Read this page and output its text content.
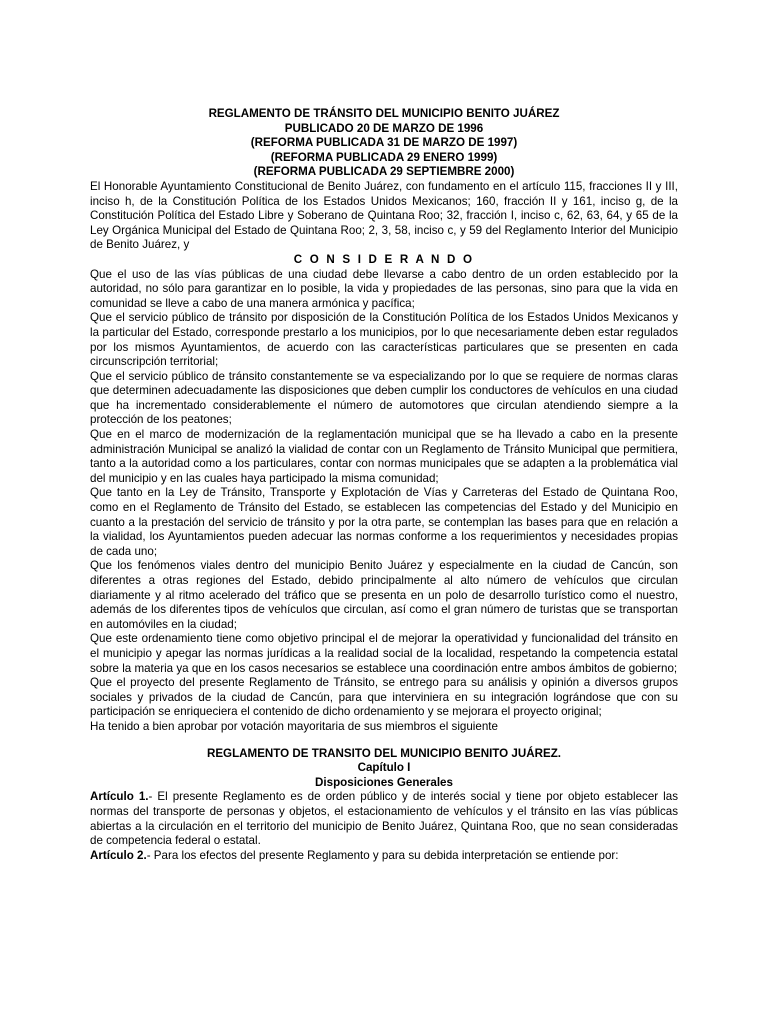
REGLAMENTO DE TRÁNSITO DEL MUNICIPIO BENITO JUÁREZ

PUBLICADO 20 DE MARZO DE 1996

(REFORMA PUBLICADA 31 DE MARZO DE 1997)

(REFORMA PUBLICADA 29 ENERO 1999)

(REFORMA PUBLICADA 29 SEPTIEMBRE 2000)

El Honorable Ayuntamiento Constitucional de Benito Juárez, con fundamento en el artículo 115, fracciones II y III, inciso h, de la Constitución Política de los Estados Unidos Mexicanos; 160, fracción II y 161, inciso g, de la Constitución Política del Estado Libre y Soberano de Quintana Roo; 32, fracción I, inciso c, 62, 63, 64, y 65 de la Ley Orgánica Municipal del Estado de Quintana Roo; 2, 3, 58, inciso c, y 59 del Reglamento Interior del Municipio de Benito Juárez, y

C O N S I D E R A N D O

Que el uso de las vías públicas de una ciudad debe llevarse a cabo dentro de un orden establecido por la autoridad, no sólo para garantizar en lo posible, la vida y propiedades de las personas, sino para que la vida en comunidad se lleve a cabo de una manera armónica y pacífica;

Que el servicio público de tránsito por disposición de la Constitución Política de los Estados Unidos Mexicanos y la particular del Estado, corresponde prestarlo a los municipios, por lo que necesariamente deben estar regulados por los mismos Ayuntamientos, de acuerdo con las características particulares que se presenten en cada circunscripción territorial;

Que el servicio público de tránsito constantemente se va especializando por lo que se requiere de normas claras que determinen adecuadamente las disposiciones que deben cumplir los conductores de vehículos en una ciudad que ha incrementado considerablemente el número de automotores que circulan atendiendo siempre a la protección de los peatones;

Que en el marco de modernización de la reglamentación municipal que se ha llevado a cabo en la presente administración Municipal se analizó la vialidad de contar con un Reglamento de Tránsito Municipal que permitiera, tanto a la autoridad como a los particulares, contar con normas municipales que se adapten a la problemática vial del municipio y en las cuales haya participado la misma comunidad;

Que tanto en la Ley de Tránsito, Transporte y Explotación de Vías y Carreteras del Estado de Quintana Roo, como en el Reglamento de Tránsito del Estado, se establecen las competencias del Estado y del Municipio en cuanto a la prestación del servicio de tránsito y por la otra parte, se contemplan las bases para que en relación a la vialidad, los Ayuntamientos pueden adecuar las normas conforme a los requerimientos y necesidades propias de cada uno;

Que los fenómenos viales dentro del municipio Benito Juárez y especialmente en la ciudad de Cancún, son diferentes a otras regiones del Estado, debido principalmente al alto número de vehículos que circulan diariamente y al ritmo acelerado del tráfico que se presenta en un polo de desarrollo turístico como el nuestro, además de los diferentes tipos de vehículos que circulan, así como el gran número de turistas que se transportan en automóviles en la ciudad;

Que este ordenamiento tiene como objetivo principal el de mejorar la operatividad y funcionalidad del tránsito en el municipio y apegar las normas jurídicas a la realidad social de la localidad, respetando la competencia estatal sobre la materia ya que en los casos necesarios se establece una coordinación entre ambos ámbitos de gobierno;

Que el proyecto del presente Reglamento de Tránsito, se entrego para su análisis y opinión a diversos grupos sociales y privados de la ciudad de Cancún, para que interviniera en su integración lográndose que con su participación se enriqueciera el contenido de dicho ordenamiento y se mejorara el proyecto original;

Ha tenido a bien aprobar por votación mayoritaria de sus miembros el siguiente

REGLAMENTO DE TRANSITO DEL MUNICIPIO BENITO JUÁREZ.

Capítulo I

Disposiciones Generales

Artículo 1.- El presente Reglamento es de orden público y de interés social y tiene por objeto establecer las normas del transporte de personas y objetos, el estacionamiento de vehículos y el tránsito en las vías públicas abiertas a la circulación en el territorio del municipio de Benito Juárez, Quintana Roo, que no sean consideradas de competencia federal o estatal.

Artículo 2.- Para los efectos del presente Reglamento y para su debida interpretación se entiende por:
